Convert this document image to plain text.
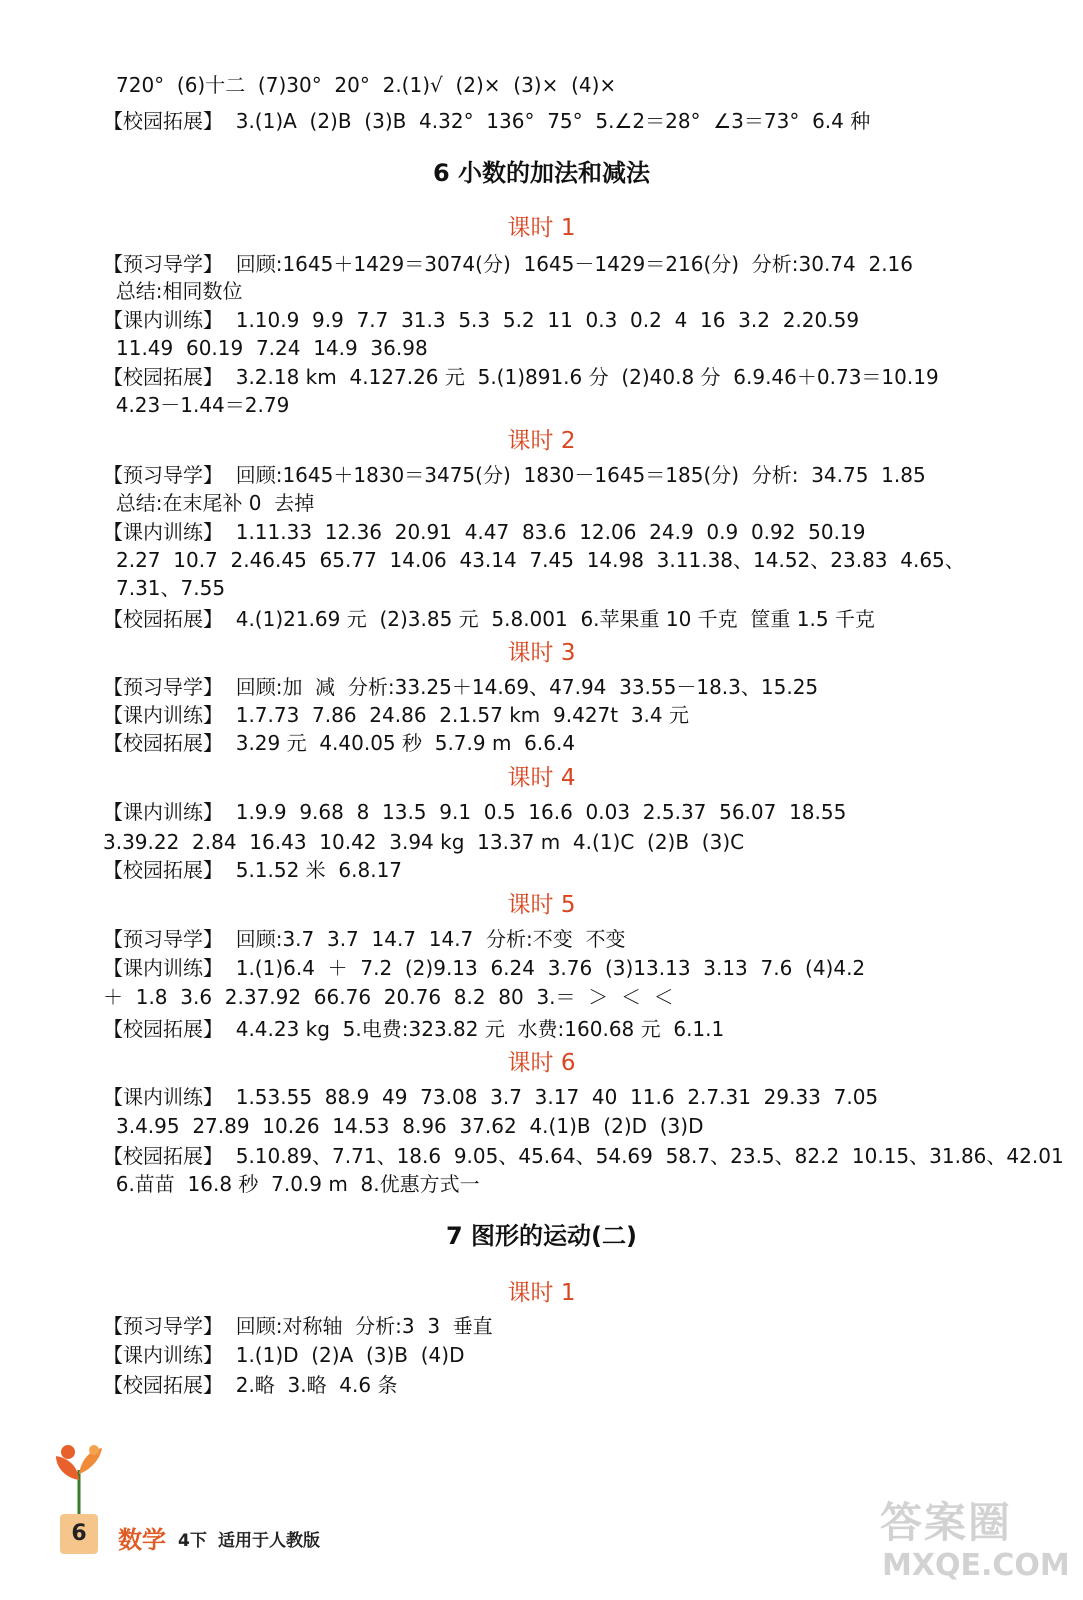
720°  (6)十二  (7)30°  20°  2.(1)√  (2)×  (3)×  (4)×
【校园拓展】  3.(1)A  (2)B  (3)B  4.32°  136°  75°  5.∠2＝28°  ∠3＝73°  6.4 种
6 小数的加法和减法
课时 1
【预习导学】  回顾:1645＋1429＝3074(分)  1645－1429＝216(分)  分析:30.74  2.16
总结:相同数位
【课内训练】  1.10.9  9.9  7.7  31.3  5.3  5.2  11  0.3  0.2  4  16  3.2  2.20.59
11.49  60.19  7.24  14.9  36.98
【校园拓展】  3.2.18 km  4.127.26 元  5.(1)891.6 分  (2)40.8 分  6.9.46＋0.73＝10.19
4.23－1.44＝2.79
课时 2
【预习导学】  回顾:1645＋1830＝3475(分)  1830－1645＝185(分)  分析:  34.75  1.85
总结:在末尾补 0  去掉
【课内训练】  1.11.33  12.36  20.91  4.47  83.6  12.06  24.9  0.9  0.92  50.19
2.27  10.7  2.46.45  65.77  14.06  43.14  7.45  14.98  3.11.38、14.52、23.83  4.65、
7.31、7.55
【校园拓展】  4.(1)21.69 元  (2)3.85 元  5.8.001  6.苹果重 10 千克  筐重 1.5 千克
课时 3
【预习导学】  回顾:加  减  分析:33.25＋14.69、47.94  33.55－18.3、15.25
【课内训练】  1.7.73  7.86  24.86  2.1.57 km  9.427t  3.4 元
【校园拓展】  3.29 元  4.40.05 秒  5.7.9 m  6.6.4
课时 4
【课内训练】  1.9.9  9.68  8  13.5  9.1  0.5  16.6  0.03  2.5.37  56.07  18.55
3.39.22  2.84  16.43  10.42  3.94 kg  13.37 m  4.(1)C  (2)B  (3)C
【校园拓展】  5.1.52 米  6.8.17
课时 5
【预习导学】  回顾:3.7  3.7  14.7  14.7  分析:不变  不变
【课内训练】  1.(1)6.4  ＋  7.2  (2)9.13  6.24  3.76  (3)13.13  3.13  7.6  (4)4.2
＋  1.8  3.6  2.37.92  66.76  20.76  8.2  80  3.＝  ＞  ＜  ＜
【校园拓展】  4.4.23 kg  5.电费:323.82 元  水费:160.68 元  6.1.1
课时 6
【课内训练】  1.53.55  88.9  49  73.08  3.7  3.17  40  11.6  2.7.31  29.33  7.05
3.4.95  27.89  10.26  14.53  8.96  37.62  4.(1)B  (2)D  (3)D
【校园拓展】  5.10.89、7.71、18.6  9.05、45.64、54.69  58.7、23.5、82.2  10.15、31.86、42.01
6.苗苗  16.8 秒  7.0.9 m  8.优惠方式一
7 图形的运动(二)
课时 1
【预习导学】  回顾:对称轴  分析:3  3  垂直
【课内训练】  1.(1)D  (2)A  (3)B  (4)D
【校园拓展】  2.略  3.略  4.6 条
6	数学 4下 适用于人教版	答案圈
MXQE.COM
